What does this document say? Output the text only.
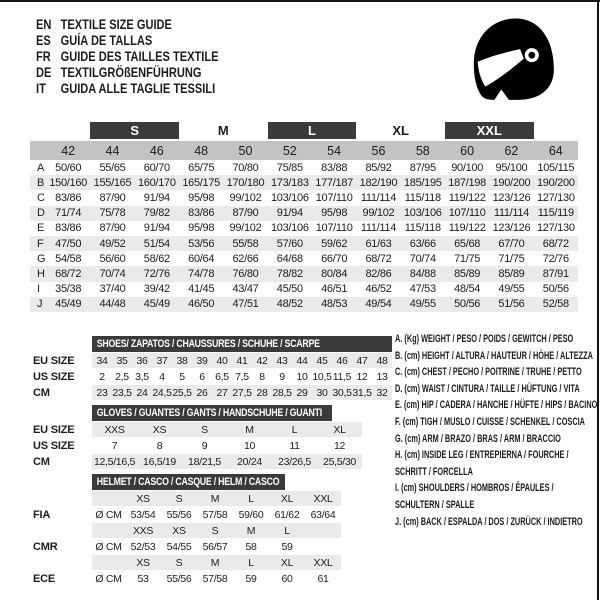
EN TEXTILE SIZE GUIDE
ES GUÍA DE TALLAS
FR GUIDE DES TAILLES TEXTILE
DE TEXTILGRÖßENFÜHRUNG
IT	GUIDA ALLE TAGLIE TESSILI

		S		M		L		XL		XXL		

	42	44	46	48	50	52	54	56	58	60	62	64
A	50/60	55/65	60/70	65/75	70/80	75/85	83/88	85/92	87/95	90/100	95/100	105/115
B	150/160	155/165	160/170	165/175	170/180	173/183	177/187	182/190	185/195	187/198	190/200	190/200
C	83/86	87/90	91/94	95/98	99/102	103/106	107/110	111/114	115/118	119/122	123/126	127/130
D	71/74	75/78	79/82	83/86	87/90	91/94	95/98	99/102	103/106	107/110	111/114	115/119
E	83/86	87/90	91/94	95/98	99/102	103/106	107/110	111/114	115/118	119/122	123/126	127/130
F	47/50	49/52	51/54	53/56	55/58	57/60	59/62	61/63	63/66	65/68	67/70	68/72
G	54/58	56/60	58/62	60/64	62/66	64/68	66/70	68/72	70/74	71/75	71/75	72/76
H	68/72	70/74	72/76	74/78	76/80	78/82	80/84	82/86	84/88	85/89	85/89	87/91
I	35/38	37/40	39/42	41/45	43/47	45/50	46/51	46/52	47/53	48/54	49/55	50/56
J	45/49	44/48	45/49	46/50	47/51	48/52	48/53	49/54	49/55	50/56	51/56	52/58

	SHOES/ ZAPATOS / CHAUSSURES / SCHUHE / SCARPE														

EU SIZE	34	35	36	37	38	39	40	41	42	43	44	45	46	47	48
US SIZE	2	2,5	3,5	4	5	6	6,5	7,5	8	9	10	10,5	11,5	12	13
CM	23	23,5	24	24,5	25,5	26	27	27,5	28	28,5	29	30	30,5	31,5	32

	GLOVES / GUANTES / GANTS / HANDSCHUHE / GUANTI					

EU SIZE	XXS	XS	S	M	L	XL
US SIZE	7	8	9	10	11	12
CM	12,5/16,5	16,5/19	18/21,5	20/24	23/26,5	25,5/30

	HELMET / CASCO / CASQUE / HELM / CASCO						

		XS	S	M	L	XL	XXL
FIA	Ø CM	53/54	55/56	57/58	59/60	61/62	63/64
		XXS	XS	S	M	L	
CMR	Ø CM	52/53	54/55	56/57	58	59	
		XS	S	M	L	XL	XXL
ECE	Ø CM	53	55/56	57/58	59	60	61
A. (Kg) WEIGHT / PESO / POIDS / GEWITCH / PESO
B. (cm) HEIGHT / ALTURA / HAUTEUR / HÖHE / ALTEZZA
C. (cm) CHEST / PECHO / POITRINE / TRUHE / PETTO
D. (cm) WAIST / CINTURA / TAILLE / HÜFTUNG / VITA
E. (cm) HIP / CADERA / HANCHE / HÜFTE / HIPS / BACINO
F. (cm) TIGH / MUSLO / CUISSE / SCHENKEL / COSCIA
G. (cm) ARM / BRAZO / BRAS / ARM / BRACCIO
H. (cm) INSIDE LEG / ENTREPIERNA / FOURCHE /
SCHRITT / FORCELLA
I. (cm) SHOULDERS / HOMBROS / ÉPAULES /
SCHULTERN / SPALLE
J. (cm) BACK / ESPALDA / DOS / ZURÜCK / INDIETRO
